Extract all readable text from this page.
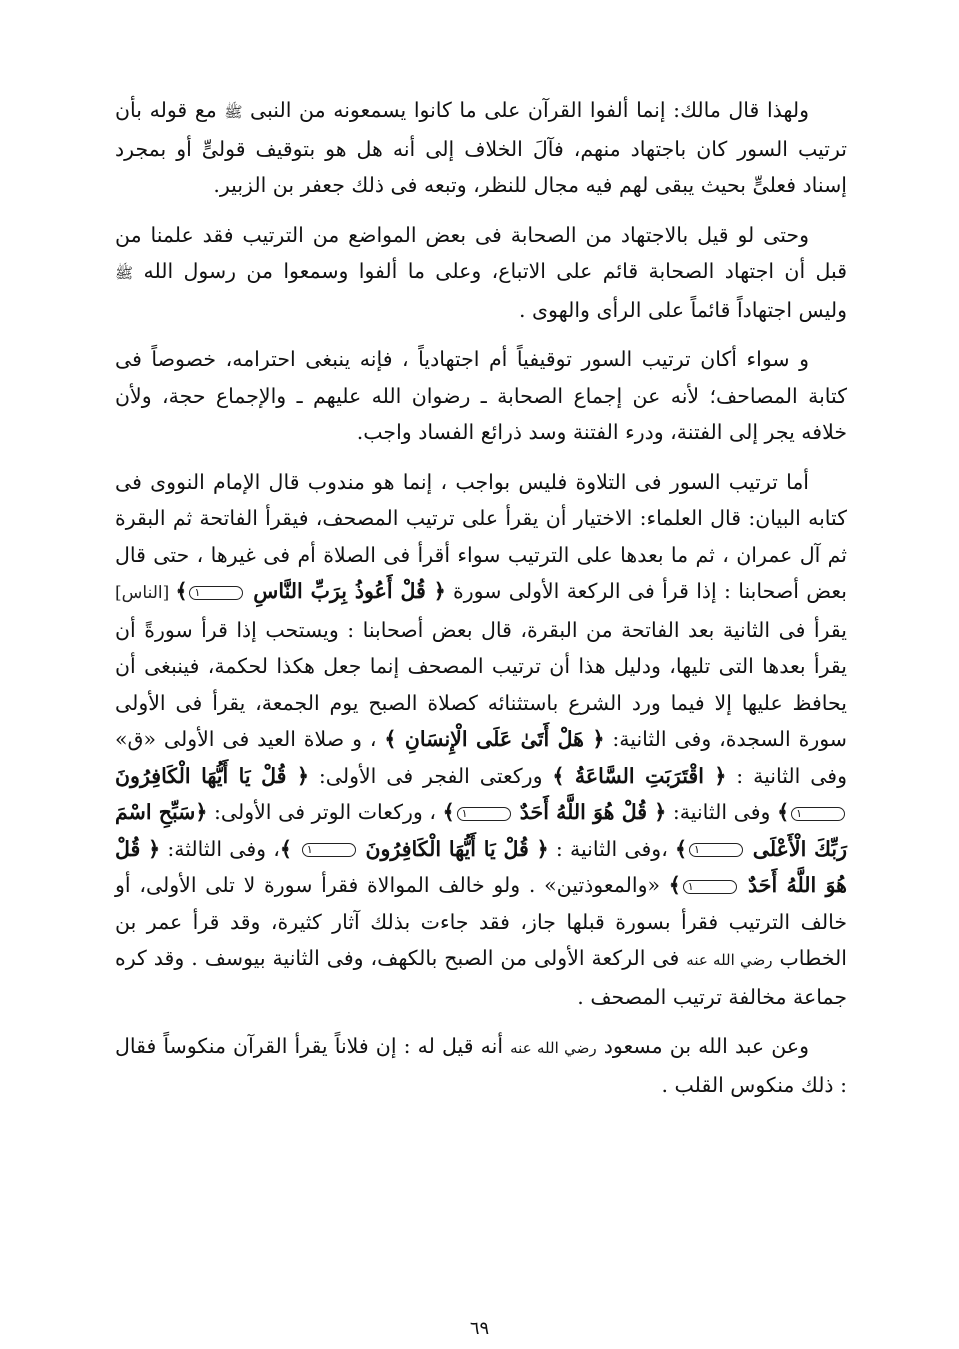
ولهذا قال مالك: إنما ألفوا القرآن على ما كانوا يسمعونه من النبى ﷺ مع قوله بأن ترتيب السور كان باجتهاد منهم، فآلَ الخلاف إلى أنه هل هو بتوقيف قولىٍّ أو بمجرد إسناد فعلىٍّ بحيث يبقى لهم فيه مجال للنظر، وتبعه فى ذلك جعفر بن الزبير.

وحتى لو قيل بالاجتهاد من الصحابة فى بعض المواضع من الترتيب فقد علمنا من قبل أن اجتهاد الصحابة قائم على الاتباع، وعلى ما ألفوا وسمعوا من رسول الله ﷺ وليس اجتهاداً قائماً على الرأى والهوى .

و سواء أكان ترتيب السور توقيفياً أم اجتهادياً ، فإنه ينبغى احترامه، خصوصاً فى كتابة المصاحف؛ لأنه عن إجماع الصحابة ـ رضوان الله عليهم ـ والإجماع حجة، ولأن خلافه يجر إلى الفتنة، ودرء الفتنة وسد ذرائع الفساد واجب.

أما ترتيب السور فى التلاوة فليس بواجب ، إنما هو مندوب قال الإمام النووى فى كتابه البيان: قال العلماء: الاختيار أن يقرأ على ترتيب المصحف، فيقرأ الفاتحة ثم البقرة ثم آل عمران ، ثم ما بعدها على الترتيب سواء أقرأ فى الصلاة أم فى غيرها ، حتى قال بعض أصحابنا : إذا قرأ فى الركعة الأولى سورة ﴿ قُلْ أَعُوذُ بِرَبِّ النَّاسِ ١﴾ [الناس] يقرأ فى الثانية بعد الفاتحة من البقرة، قال بعض أصحابنا : ويستحب إذا قرأ سورةً أن يقرأ بعدها التى تليها، ودليل هذا أن ترتيب المصحف إنما جعل هكذا لحكمة، فينبغى أن يحافظ عليها إلا فيما ورد الشرع باستثنائه كصلاة الصبح يوم الجمعة، يقرأ فى الأولى سورة السجدة، وفى الثانية: ﴿ هَلْ أَتَىٰ عَلَى الْإِنسَانِ ﴾ ، و صلاة العيد فى الأولى «ق» وفى الثانية : ﴿ اقْتَرَبَتِ السَّاعَةُ ﴾ وركعتى الفجر فى الأولى: ﴿ قُلْ يَا أَيُّهَا الْكَافِرُونَ١﴾ وفى الثانية: ﴿ قُلْ هُوَ اللَّهُ أَحَدٌ ١﴾ ، وركعات الوتر فى الأولى: ﴿سَبِّحِ اسْمَ رَبِّكَ الْأَعْلَى ١﴾ ،وفى الثانية : ﴿ قُلْ يَا أَيُّهَا الْكَافِرُونَ ١ ﴾، وفى الثالثة: ﴿ قُلْ هُوَ اللَّهُ أَحَدٌ ١﴾ «والمعوذتين» . ولو خالف الموالاة فقرأ سورة لا تلى الأولى، أو خالف الترتيب فقرأ بسورة قبلها جاز، فقد جاءت بذلك آثار كثيرة، وقد قرأ عمر بن الخطاب رضي الله عنه فى الركعة الأولى من الصبح بالكهف، وفى الثانية بيوسف . وقد كره جماعة مخالفة ترتيب المصحف .

وعن عبد الله بن مسعود رضي الله عنه أنه قيل له : إن فلاناً يقرأ القرآن منكوساً فقال : ذلك منكوس القلب .

٦٩
